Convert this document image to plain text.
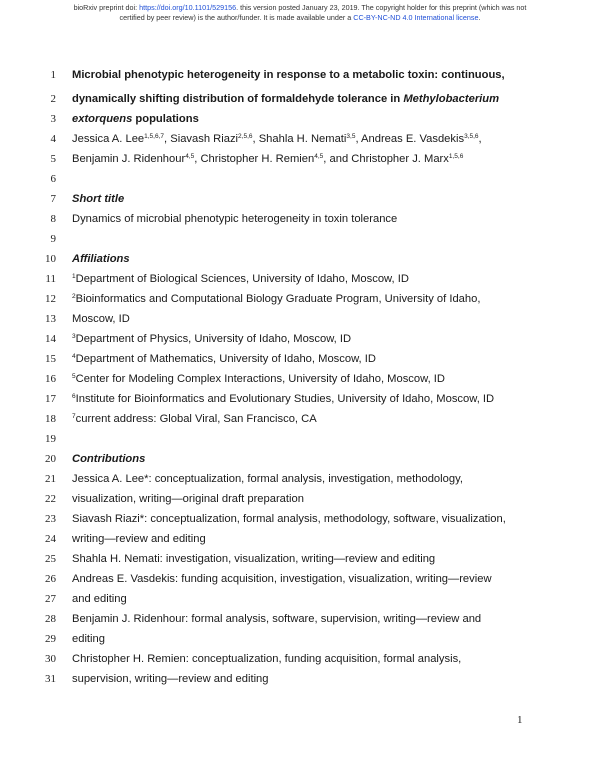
bioRxiv preprint doi: https://doi.org/10.1101/529156. this version posted January 23, 2019. The copyright holder for this preprint (which was not
certified by peer review) is the author/funder. It is made available under a CC-BY-NC-ND 4.0 International license.
1
2
3
4
5
6
7
8
9
10
11
12
13
14
15
16
17
18
19
20
21
22
23
24
25
26
27
28
29
30
31
Microbial phenotypic heterogeneity in response to a metabolic toxin: continuous,
dynamically shifting distribution of formaldehyde tolerance in Methylobacterium
extorquens populations
Jessica A. Lee$^{1,5,6,7}$, Siavash Riazi$^{2,5,6}$, Shahla H. Nemati$^{3,5}$, Andreas E. Vasdekis$^{3,5,6}$,
Benjamin J. Ridenhour$^{4,5}$, Christopher H. Remien$^{4,5}$, and Christopher J. Marx$^{1,5,6}$
Short title
Dynamics of microbial phenotypic heterogeneity in toxin tolerance
Affiliations
$^1$Department of Biological Sciences, University of Idaho, Moscow, ID
$^2$Bioinformatics and Computational Biology Graduate Program, University of Idaho,
Moscow, ID
$^3$Department of Physics, University of Idaho, Moscow, ID
$^4$Department of Mathematics, University of Idaho, Moscow, ID
$^5$Center for Modeling Complex Interactions, University of Idaho, Moscow, ID
$^6$Institute for Bioinformatics and Evolutionary Studies, University of Idaho, Moscow, ID
$^7$current address: Global Viral, San Francisco, CA
Contributions
Jessica A. Lee*: conceptualization, formal analysis, investigation, methodology,
visualization, writing—original draft preparation
Siavash Riazi*: conceptualization, formal analysis, methodology, software, visualization,
writing—review and editing
Shahla H. Nemati: investigation, visualization, writing—review and editing
Andreas E. Vasdekis: funding acquisition, investigation, visualization, writing—review
and editing
Benjamin J. Ridenhour: formal analysis, software, supervision, writing—review and
editing
Christopher H. Remien: conceptualization, funding acquisition, formal analysis,
supervision, writing—review and editing
1
